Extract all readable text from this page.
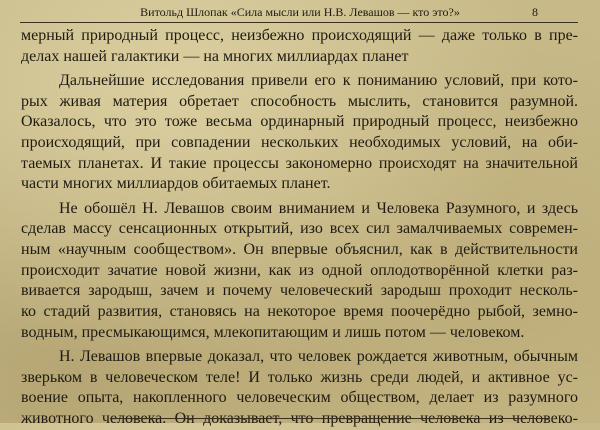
Витольд Шлопак «Сила мысли или Н.В. Левашов — кто это?»	8
мерный природный процесс, неизбежно происходящий — даже только в пре-
делах нашей галактики — на многих миллиардах планет
Дальнейшие исследования привели его к пониманию условий, при кото-
рых живая материя обретает способность мыслить, становится разумной.
Оказалось, что это тоже весьма ординарный природный процесс, неизбежно
происходящий, при совпадении нескольких необходимых условий, на оби-
таемых планетах. И такие процессы закономерно происходят на значительной
части многих миллиардов обитаемых планет.
Не обошёл Н. Левашов своим вниманием и Человека Разумного, и здесь
сделав массу сенсационных открытий, изо всех сил замалчиваемых современ-
ным «научным сообществом». Он впервые объяснил, как в действительности
происходит зачатие новой жизни, как из одной оплодотворённой клетки раз-
вивается зародыш, зачем и почему человеческий зародыш проходит несколь-
ко стадий развития, становясь на некоторое время поочерёдно рыбой, земно-
водным, пресмыкающимся, млекопитающим и лишь потом — человеком.
Н. Левашов впервые доказал, что человек рождается животным, обычным
зверьком в человеческом теле! И только жизнь среди людей, и активное ус-
воение опыта, накопленного человеческим обществом, делает из разумного
животного человека. Он доказывает, что превращение человека из человеко-
